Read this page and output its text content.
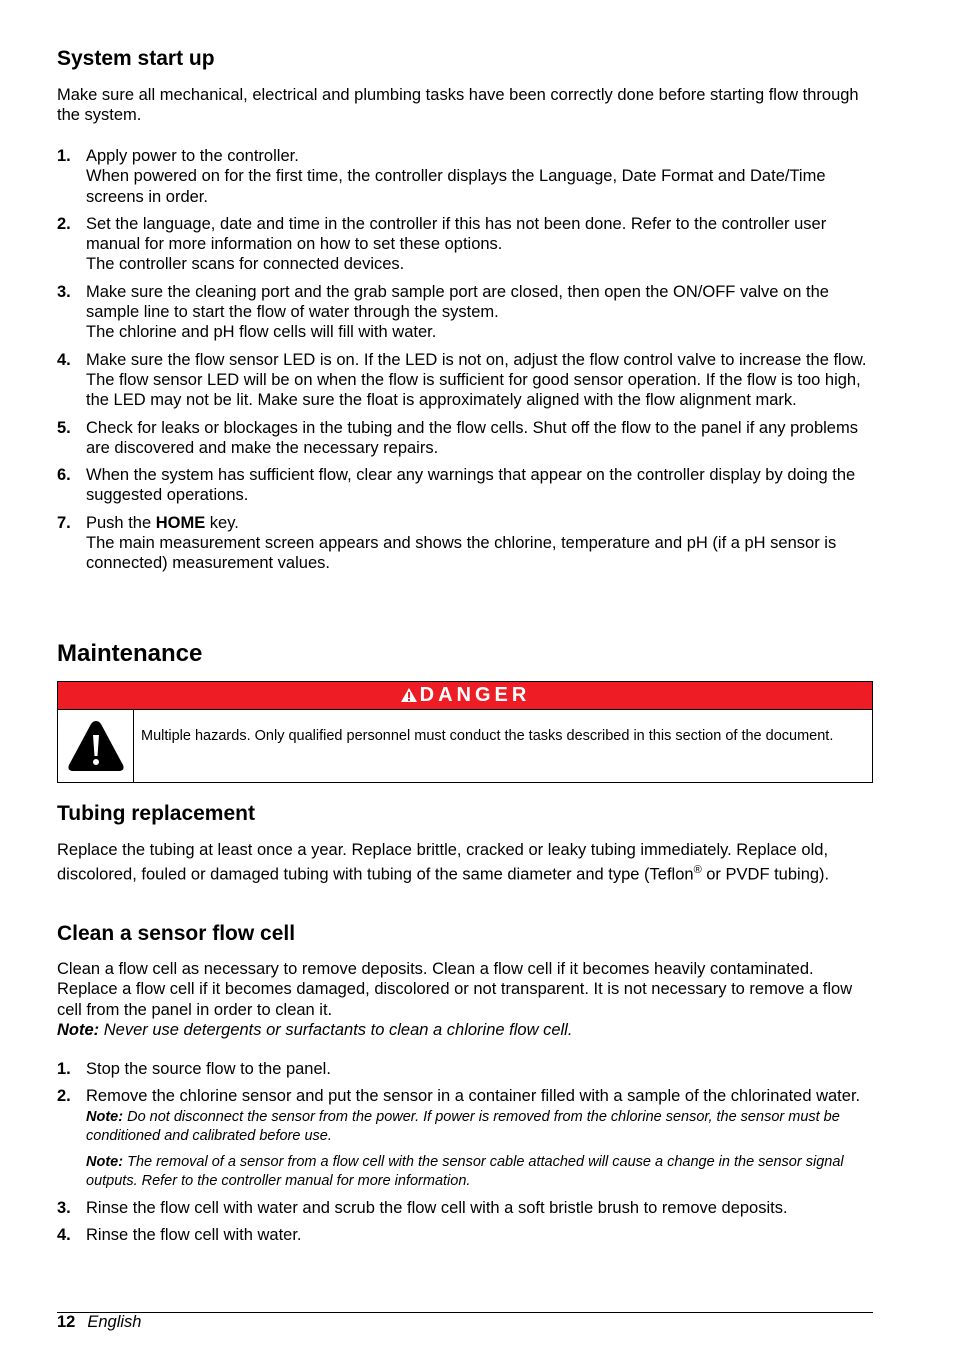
System start up

Make sure all mechanical, electrical and plumbing tasks have been correctly done before starting flow through the system.

1. Apply power to the controller.
When powered on for the first time, the controller displays the Language, Date Format and Date/Time screens in order.
2. Set the language, date and time in the controller if this has not been done. Refer to the controller user manual for more information on how to set these options.
The controller scans for connected devices.
3. Make sure the cleaning port and the grab sample port are closed, then open the ON/OFF valve on the sample line to start the flow of water through the system.
The chlorine and pH flow cells will fill with water.
4. Make sure the flow sensor LED is on. If the LED is not on, adjust the flow control valve to increase the flow.
The flow sensor LED will be on when the flow is sufficient for good sensor operation. If the flow is too high, the LED may not be lit. Make sure the float is approximately aligned with the flow alignment mark.
5. Check for leaks or blockages in the tubing and the flow cells. Shut off the flow to the panel if any problems are discovered and make the necessary repairs.
6. When the system has sufficient flow, clear any warnings that appear on the controller display by doing the suggested operations.
7. Push the HOME key.
The main measurement screen appears and shows the chlorine, temperature and pH (if a pH sensor is connected) measurement values.
Maintenance
DANGER
Multiple hazards. Only qualified personnel must conduct the tasks described in this section of the document.
Tubing replacement

Replace the tubing at least once a year. Replace brittle, cracked or leaky tubing immediately. Replace old, discolored, fouled or damaged tubing with tubing of the same diameter and type (Teflon® or PVDF tubing).

Clean a sensor flow cell

Clean a flow cell as necessary to remove deposits. Clean a flow cell if it becomes heavily contaminated. Replace a flow cell if it becomes damaged, discolored or not transparent. It is not necessary to remove a flow cell from the panel in order to clean it.

Note: Never use detergents or surfactants to clean a chlorine flow cell.

1. Stop the source flow to the panel.
2. Remove the chlorine sensor and put the sensor in a container filled with a sample of the chlorinated water.
Note: Do not disconnect the sensor from the power. If power is removed from the chlorine sensor, the sensor must be conditioned and calibrated before use.
Note: The removal of a sensor from a flow cell with the sensor cable attached will cause a change in the sensor signal outputs. Refer to the controller manual for more information.
3. Rinse the flow cell with water and scrub the flow cell with a soft bristle brush to remove deposits.
4. Rinse the flow cell with water.
12 English
